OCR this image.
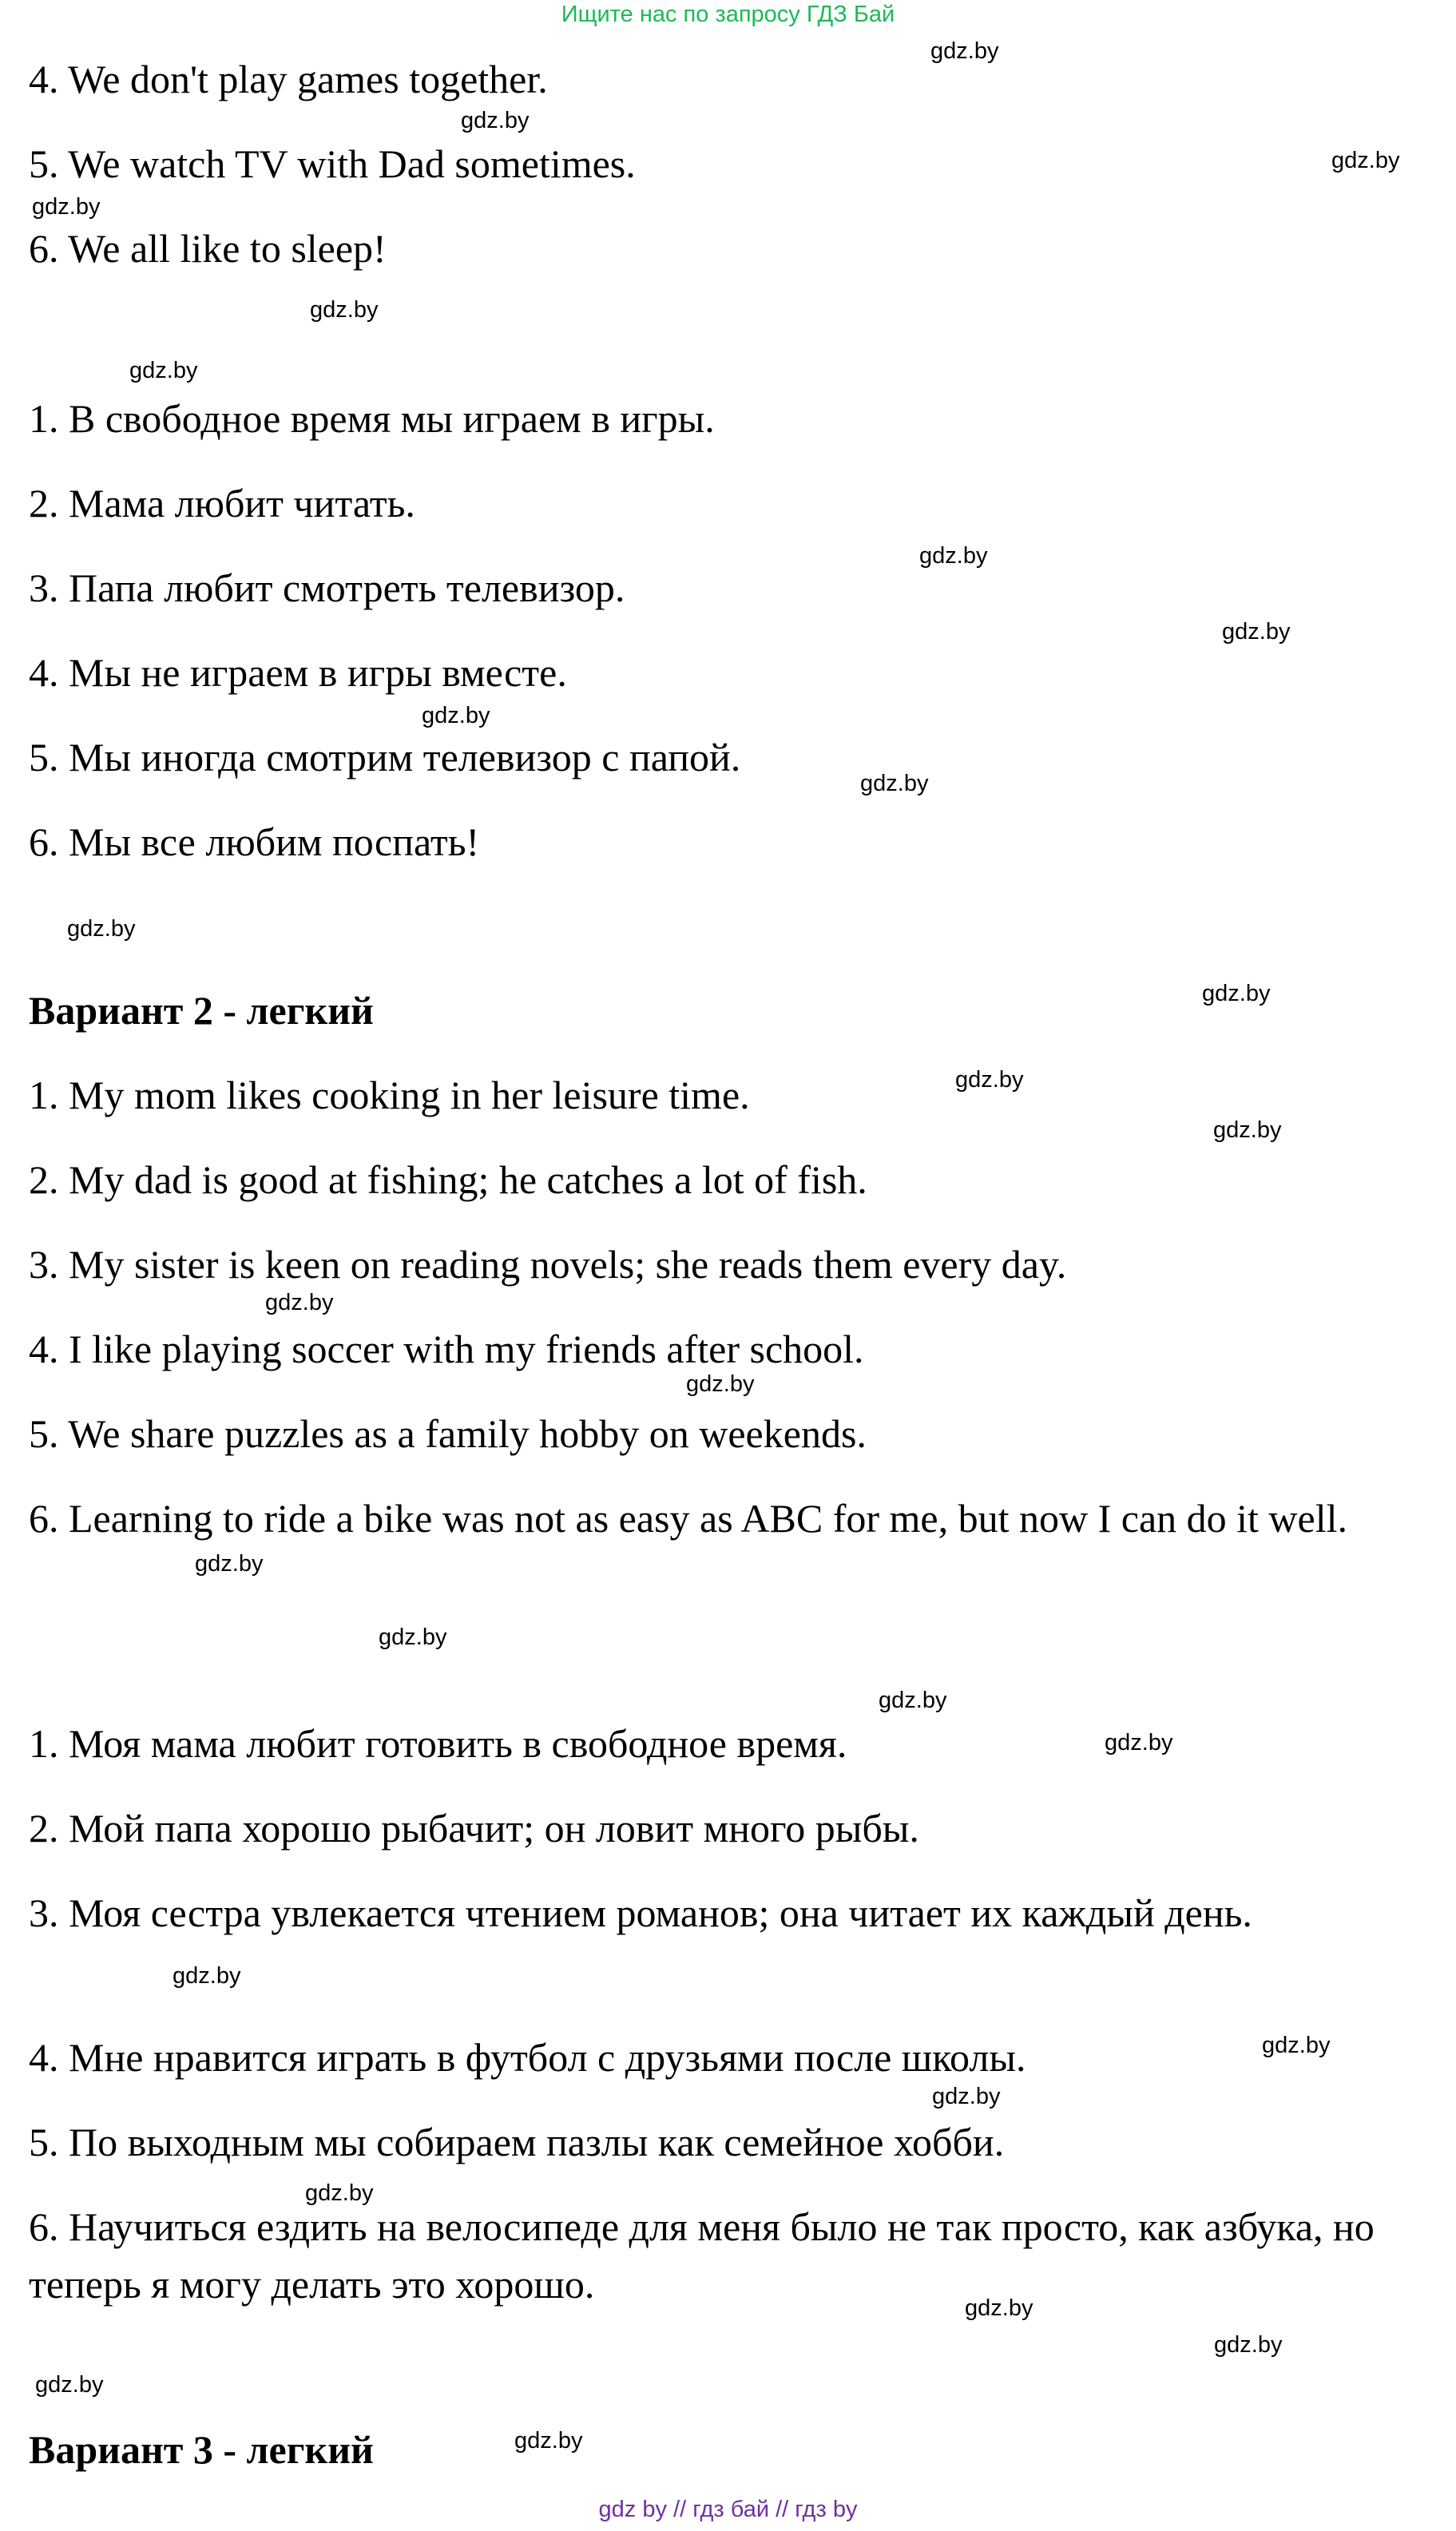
Ищите нас по запросу ГДЗ Бай
4. We don't play games together.
5. We watch TV with Dad sometimes.
6. We all like to sleep!
1. В свободное время мы играем в игры.
2. Мама любит читать.
3. Папа любит смотреть телевизор.
4. Мы не играем в игры вместе.
5. Мы иногда смотрим телевизор с папой.
6. Мы все любим поспать!
Вариант 2 - легкий
1. My mom likes cooking in her leisure time.
2. My dad is good at fishing; he catches a lot of fish.
3. My sister is keen on reading novels; she reads them every day.
4. I like playing soccer with my friends after school.
5. We share puzzles as a family hobby on weekends.
6. Learning to ride a bike was not as easy as ABC for me, but now I can do it well.
1. Моя мама любит готовить в свободное время.
2. Мой папа хорошо рыбачит; он ловит много рыбы.
3. Моя сестра увлекается чтением романов; она читает их каждый день.
4. Мне нравится играть в футбол с друзьями после школы.
5. По выходным мы собираем пазлы как семейное хобби.
6. Научиться ездить на велосипеде для меня было не так просто, как азбука, но теперь я могу делать это хорошо.
Вариант 3 - легкий
gdz.by
gdz.by
gdz.by
gdz.by
gdz.by
gdz.by
gdz.by
gdz.by
gdz.by
gdz.by
gdz.by
gdz.by
gdz.by
gdz.by
gdz.by
gdz.by
gdz.by
gdz.by
gdz.by
gdz.by
gdz.by
gdz.by
gdz.by
gdz.by
gdz.by
gdz.by
gdz.by
gdz.by
gdz by // гдз бай // гдз by
